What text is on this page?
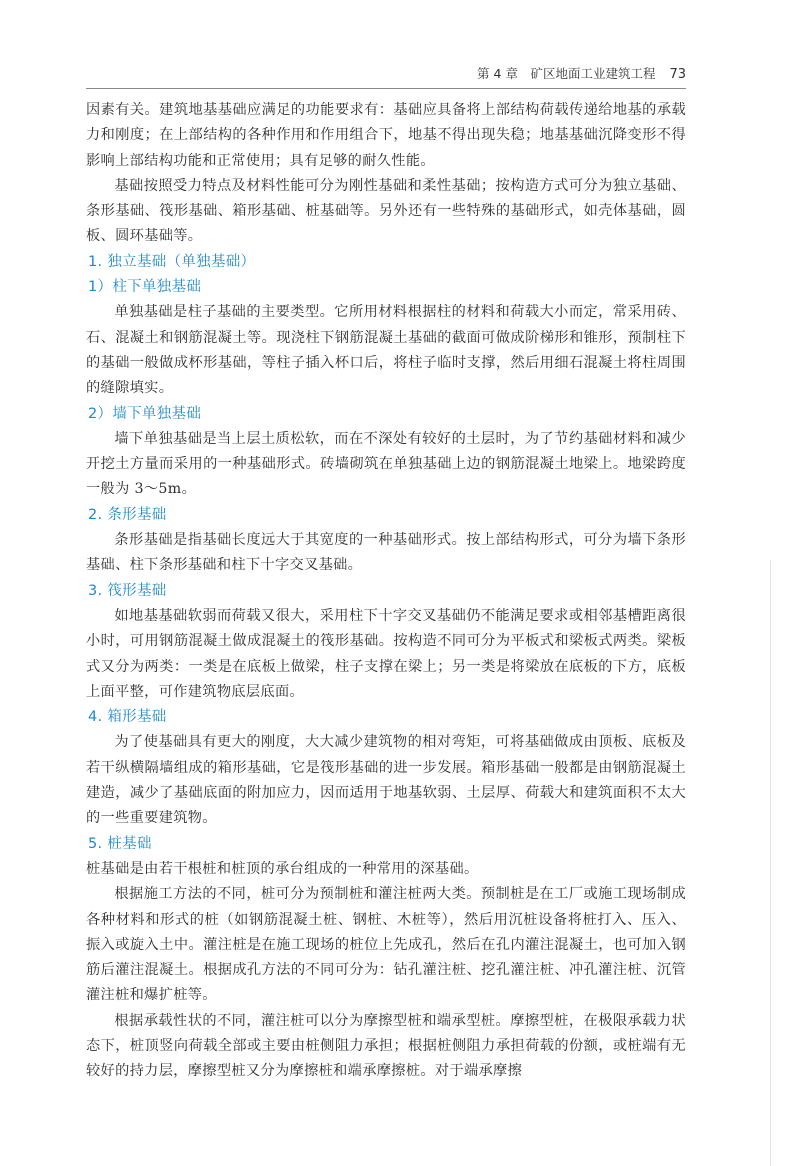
第 4 章　矿区地面工业建筑工程 73

因素有关。建筑地基基础应满足的功能要求有：基础应具备将上部结构荷载传递给地基的承载力和刚度；在上部结构的各种作用和作用组合下，地基不得出现失稳；地基基础沉降变形不得影响上部结构功能和正常使用；具有足够的耐久性能。

基础按照受力特点及材料性能可分为刚性基础和柔性基础；按构造方式可分为独立基础、条形基础、筏形基础、箱形基础、桩基础等。另外还有一些特殊的基础形式，如壳体基础，圆板、圆环基础等。

1. 独立基础（单独基础）

1）柱下单独基础

单独基础是柱子基础的主要类型。它所用材料根据柱的材料和荷载大小而定，常采用砖、石、混凝土和钢筋混凝土等。现浇柱下钢筋混凝土基础的截面可做成阶梯形和锥形，预制柱下的基础一般做成杯形基础，等柱子插入杯口后，将柱子临时支撑，然后用细石混凝土将柱周围的缝隙填实。

2）墙下单独基础

墙下单独基础是当上层土质松软，而在不深处有较好的土层时，为了节约基础材料和减少开挖土方量而采用的一种基础形式。砖墙砌筑在单独基础上边的钢筋混凝土地梁上。地梁跨度一般为 3～5m。

2. 条形基础

条形基础是指基础长度远大于其宽度的一种基础形式。按上部结构形式，可分为墙下条形基础、柱下条形基础和柱下十字交叉基础。

3. 筏形基础

如地基基础软弱而荷载又很大，采用柱下十字交叉基础仍不能满足要求或相邻基槽距离很小时，可用钢筋混凝土做成混凝土的筏形基础。按构造不同可分为平板式和梁板式两类。梁板式又分为两类：一类是在底板上做梁，柱子支撑在梁上；另一类是将梁放在底板的下方，底板上面平整，可作建筑物底层底面。

4. 箱形基础

为了使基础具有更大的刚度，大大减少建筑物的相对弯矩，可将基础做成由顶板、底板及若干纵横隔墙组成的箱形基础，它是筏形基础的进一步发展。箱形基础一般都是由钢筋混凝土建造，减少了基础底面的附加应力，因而适用于地基软弱、土层厚、荷载大和建筑面积不太大的一些重要建筑物。

5. 桩基础

桩基础是由若干根桩和桩顶的承台组成的一种常用的深基础。

根据施工方法的不同，桩可分为预制桩和灌注桩两大类。预制桩是在工厂或施工现场制成各种材料和形式的桩（如钢筋混凝土桩、钢桩、木桩等），然后用沉桩设备将桩打入、压入、振入或旋入土中。灌注桩是在施工现场的桩位上先成孔，然后在孔内灌注混凝土，也可加入钢筋后灌注混凝土。根据成孔方法的不同可分为：钻孔灌注桩、挖孔灌注桩、冲孔灌注桩、沉管灌注桩和爆扩桩等。

根据承载性状的不同，灌注桩可以分为摩擦型桩和端承型桩。摩擦型桩，在极限承载力状态下，桩顶竖向荷载全部或主要由桩侧阻力承担；根据桩侧阻力承担荷载的份额，或桩端有无较好的持力层，摩擦型桩又分为摩擦桩和端承摩擦桩。对于端承摩擦
